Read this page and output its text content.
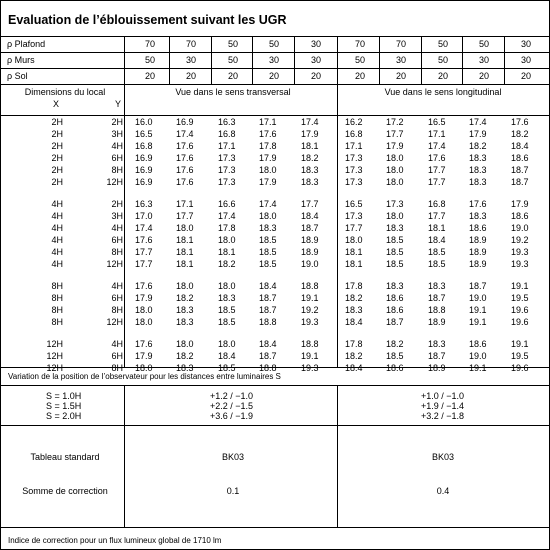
Evaluation de l’éblouissement suivant les UGR
Dimensions du local
X	Y
Vue dans le sens transversal	Vue dans le sens longitudinal
Variation de la position de l’observateur pour les distances entre luminaires S
Tableau standard	BK03	BK03
Somme de correction	0.1	0.4
Indice de correction pour un flux lumineux global de 1710 lm
ρ Plafond	70	70	50	50	30	70	70	50	50	30
ρ Murs	50	30	50	30	30	50	30	50	30	30
ρ Sol	20	20	20	20	20	20	20	20	20	20
2H	2H 16.0	16.9	16.3	17.1	17.4	16.2	17.2	16.5	17.4	17.6
2H	3H 16.5	17.4	16.8	17.6	17.9	16.8	17.7	17.1	17.9	18.2
2H	4H 16.8	17.6	17.1	17.8	18.1	17.1	17.9	17.4	18.2	18.4
2H	6H 16.9	17.6	17.3	17.9	18.2	17.3	18.0	17.6	18.3	18.6
2H	8H 16.9	17.6	17.3	18.0	18.3	17.3	18.0	17.7	18.3	18.7
2H	12H 16.9	17.6	17.3	17.9	18.3	17.3	18.0	17.7	18.3	18.7
4H	2H 16.3	17.1	16.6	17.4	17.7	16.5	17.3	16.8	17.6	17.9
4H	3H 17.0	17.7	17.4	18.0	18.4	17.3	18.0	17.7	18.3	18.6
4H	4H 17.4	18.0	17.8	18.3	18.7	17.7	18.3	18.1	18.6	19.0
4H	6H 17.6	18.1	18.0	18.5	18.9	18.0	18.5	18.4	18.9	19.2
4H	8H 17.7	18.1	18.1	18.5	18.9	18.1	18.5	18.5	18.9	19.3
4H	12H 17.7	18.1	18.2	18.5	19.0	18.1	18.5	18.5	18.9	19.3
8H	4H 17.6	18.0	18.0	18.4	18.8	17.8	18.3	18.3	18.7	19.1
8H	6H 17.9	18.2	18.3	18.7	19.1	18.2	18.6	18.7	19.0	19.5
8H	8H 18.0	18.3	18.5	18.7	19.2	18.3	18.6	18.8	19.1	19.6
8H	12H 18.0	18.3	18.5	18.8	19.3	18.4	18.7	18.9	19.1	19.6
12H	4H 17.6	18.0	18.0	18.4	18.8	17.8	18.2	18.3	18.6	19.1
12H	6H 17.9	18.2	18.4	18.7	19.1	18.2	18.5	18.7	19.0	19.5
12H	8H 18.0	18.3	18.5	18.8	19.3	18.4	18.6	18.9	19.1	19.6
S = 1.0H	+1.2 / −1.0	+1.0 / −1.0
S = 1.5H	+2.2 / −1.5	+1.9 / −1.4
S = 2.0H	+3.6 / −1.9	+3.2 / −1.8
